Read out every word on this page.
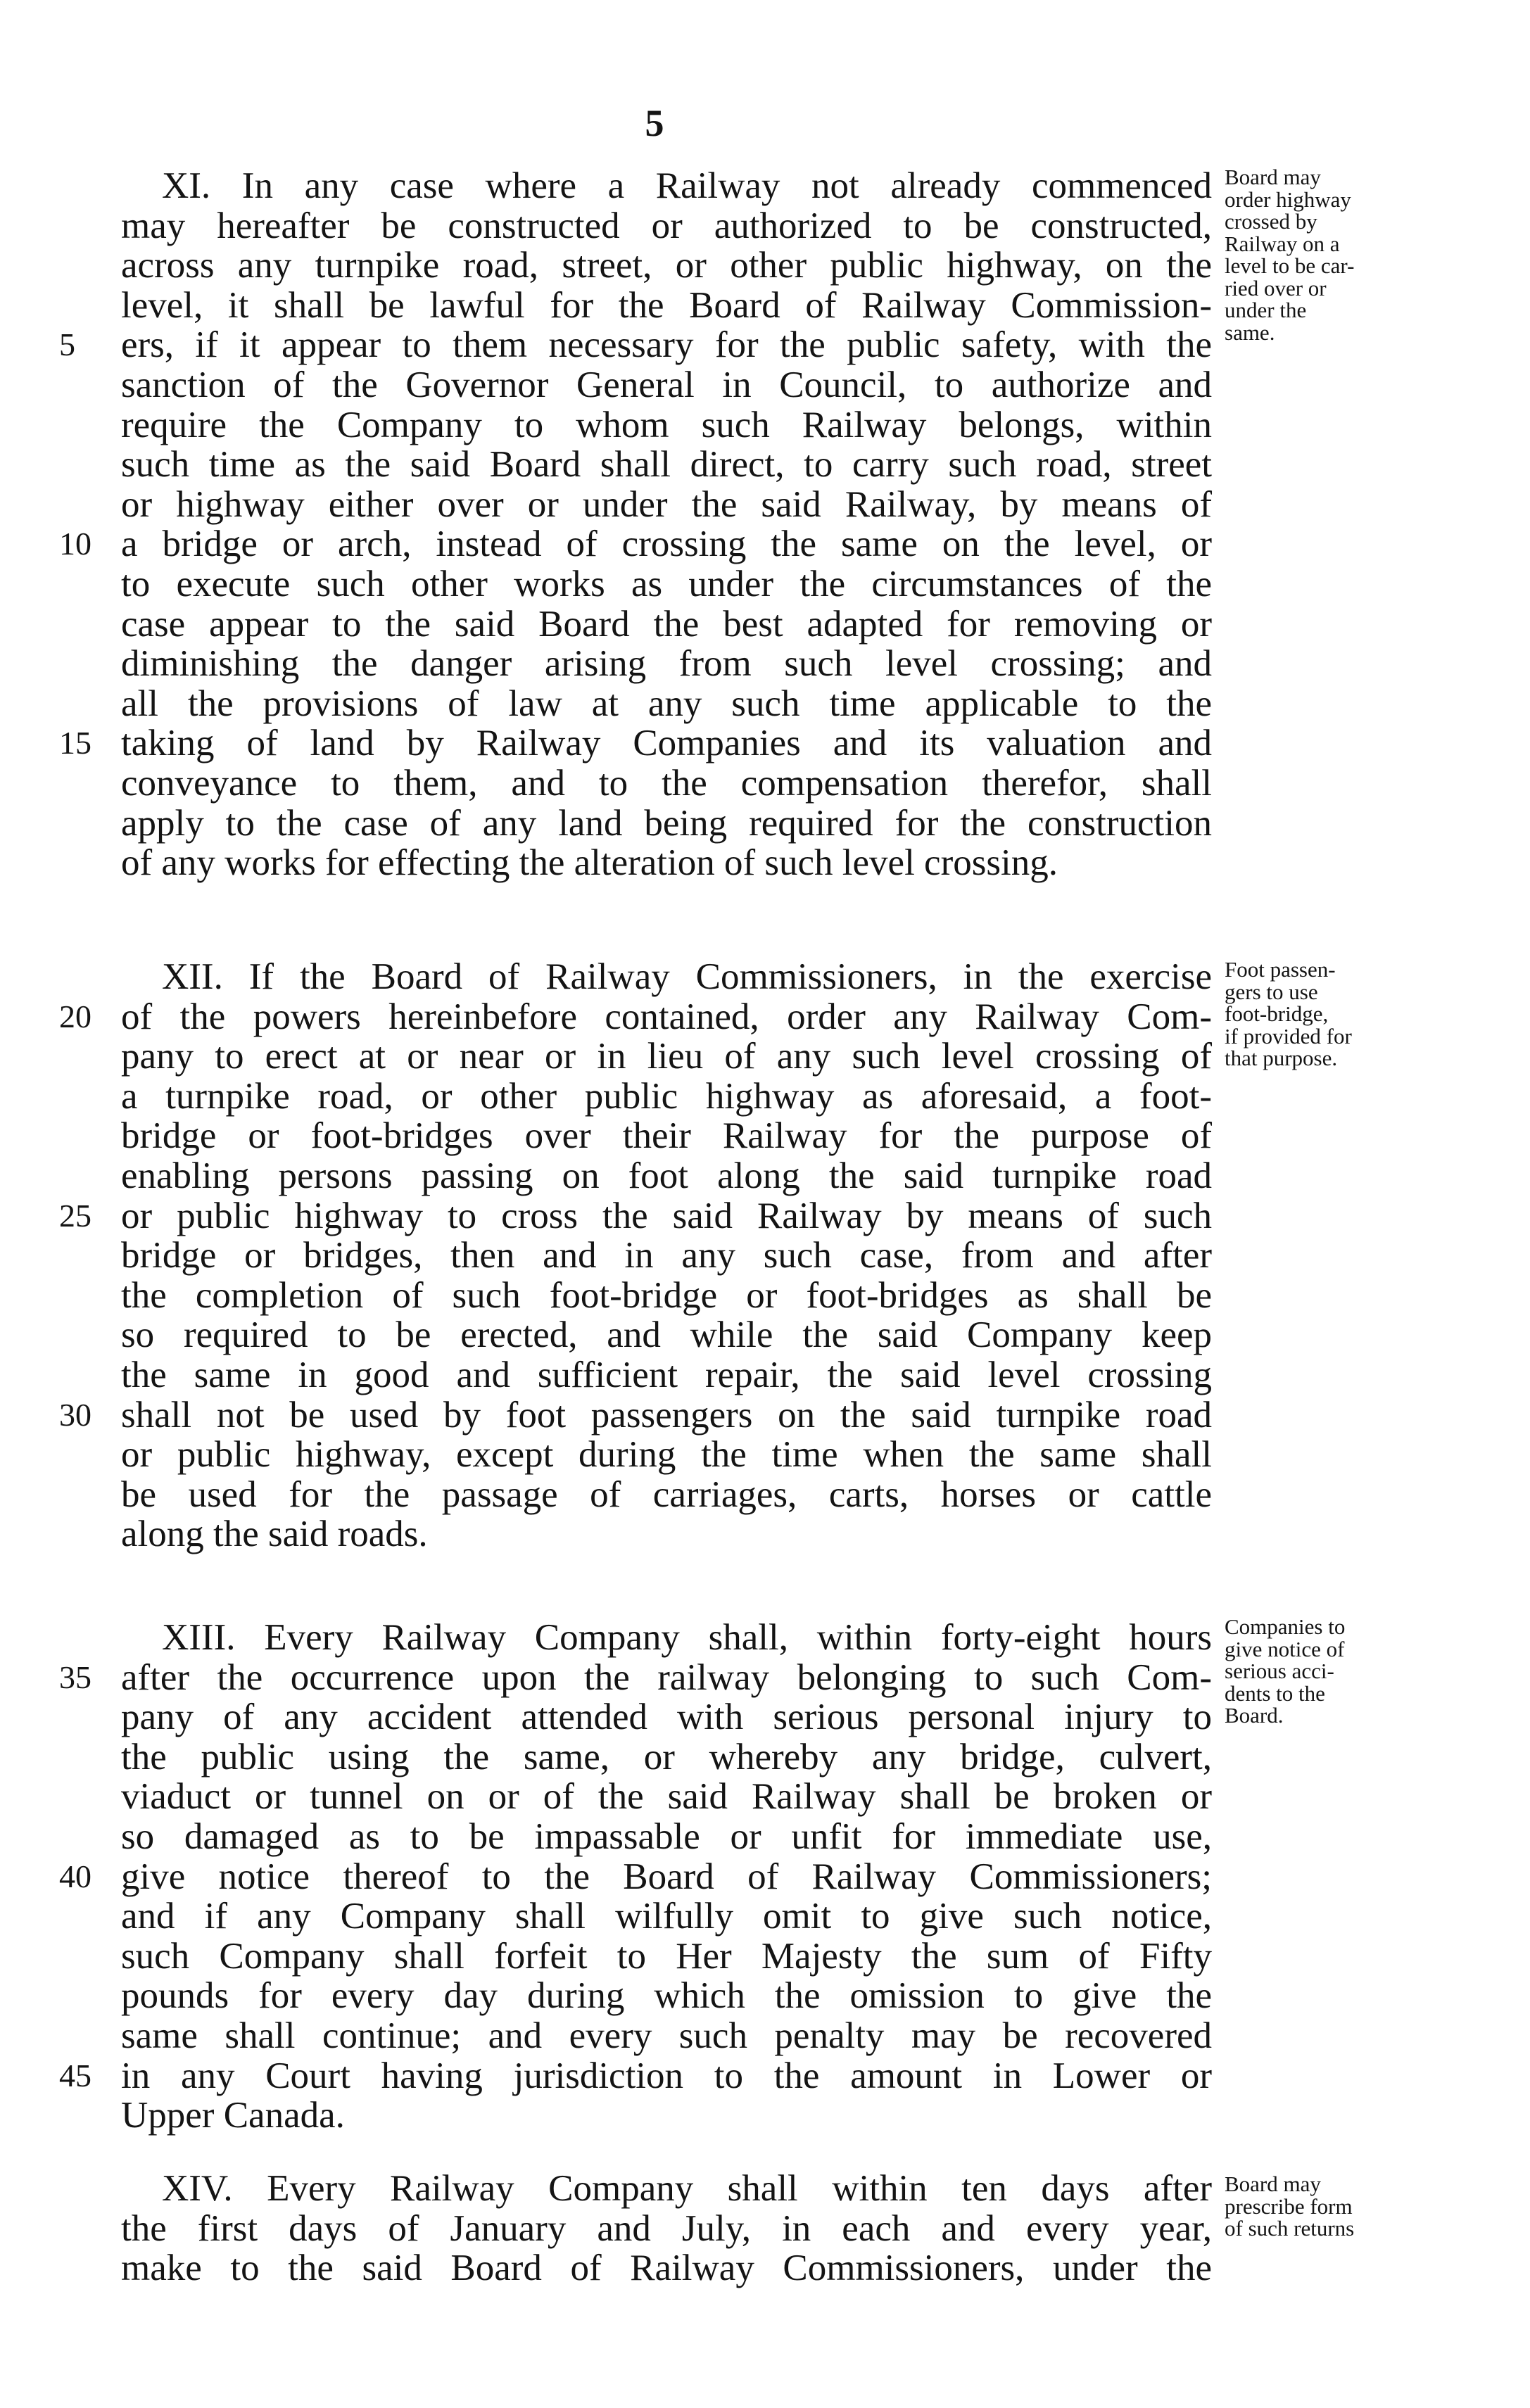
5
XI. In any case where a Railway not already commenced
may hereafter be constructed or authorized to be constructed,
across any turnpike road, street, or other public highway, on the
level, it shall be lawful for the Board of Railway Commission-
ers, if it appear to them necessary for the public safety, with the
5
sanction of the Governor General in Council, to authorize and
require the Company to whom such Railway belongs, within
such time as the said Board shall direct, to carry such road, street
or highway either over or under the said Railway, by means of
a bridge or arch, instead of crossing the same on the level, or
10
to execute such other works as under the circumstances of the
case appear to the said Board the best adapted for removing or
diminishing the danger arising from such level crossing; and
all the provisions of law at any such time applicable to the
taking of land by Railway Companies and its valuation and
15
conveyance to them, and to the compensation therefor, shall
apply to the case of any land being required for the construction
of any works for effecting the alteration of such level crossing.
Board may
order highway
crossed by
Railway on a
level to be car-
ried over or
under the
same.
XII. If the Board of Railway Commissioners, in the exercise
of the powers hereinbefore contained, order any Railway Com-
20
pany to erect at or near or in lieu of any such level crossing of
a turnpike road, or other public highway as aforesaid, a foot-
bridge or foot-bridges over their Railway for the purpose of
enabling persons passing on foot along the said turnpike road
or public highway to cross the said Railway by means of such
25
bridge or bridges, then and in any such case, from and after
the completion of such foot-bridge or foot-bridges as shall be
so required to be erected, and while the said Company keep
the same in good and sufficient repair, the said level crossing
shall not be used by foot passengers on the said turnpike road
30
or public highway, except during the time when the same shall
be used for the passage of carriages, carts, horses or cattle
along the said roads.
Foot passen-
gers to use
foot-bridge,
if provided for
that purpose.
XIII. Every Railway Company shall, within forty-eight hours
after the occurrence upon the railway belonging to such Com-
35
pany of any accident attended with serious personal injury to
the public using the same, or whereby any bridge, culvert,
viaduct or tunnel on or of the said Railway shall be broken or
so damaged as to be impassable or unfit for immediate use,
give notice thereof to the Board of Railway Commissioners;
40
and if any Company shall wilfully omit to give such notice,
such Company shall forfeit to Her Majesty the sum of Fifty
pounds for every day during which the omission to give the
same shall continue; and every such penalty may be recovered
in any Court having jurisdiction to the amount in Lower or
45
Upper Canada.
Companies to
give notice of
serious acci-
dents to the
Board.
XIV. Every Railway Company shall within ten days after
the first days of January and July, in each and every year,
make to the said Board of Railway Commissioners, under the
Board may
prescribe form
of such returns
